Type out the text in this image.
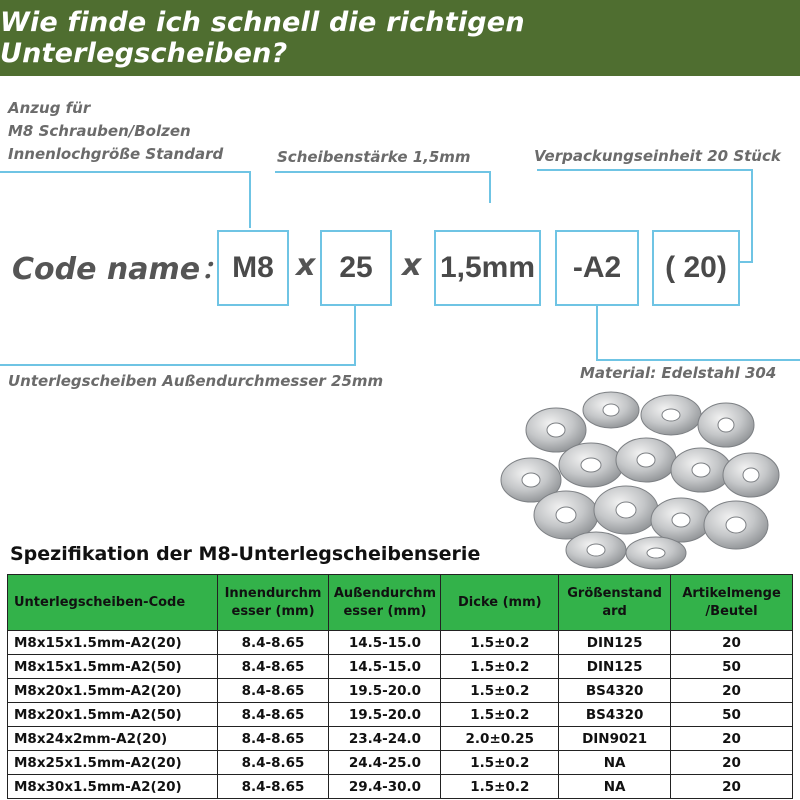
Wie finde ich schnell die richtigen Unterlegscheiben?
Anzug für
M8 Schrauben/Bolzen
Innenlochgröße Standard	Scheibenstärke 1,5mm	Verpackungseinheit 20 Stück
Unterlegscheiben Außendurchmesser 25mm	Material: Edelstahl 304
Code name： M8 x 25 x 1,5mm	-A2	( 20)
Spezifikation der M8-Unterlegscheibenserie
Unterlegscheiben-Code	Innendurchm esser (mm)	Außendurchm esser (mm)	Dicke (mm)	Größenstand ard	Artikelmenge /Beutel
M8x15x1.5mm-A2(20)	8.4-8.65	14.5-15.0	1.5±0.2	DIN125	20
M8x15x1.5mm-A2(50)	8.4-8.65	14.5-15.0	1.5±0.2	DIN125	50
M8x20x1.5mm-A2(20)	8.4-8.65	19.5-20.0	1.5±0.2	BS4320	20
M8x20x1.5mm-A2(50)	8.4-8.65	19.5-20.0	1.5±0.2	BS4320	50
M8x24x2mm-A2(20)	8.4-8.65	23.4-24.0	2.0±0.25	DIN9021	20
M8x25x1.5mm-A2(20)	8.4-8.65	24.4-25.0	1.5±0.2	NA	20
M8x30x1.5mm-A2(20)	8.4-8.65	29.4-30.0	1.5±0.2	NA	20
